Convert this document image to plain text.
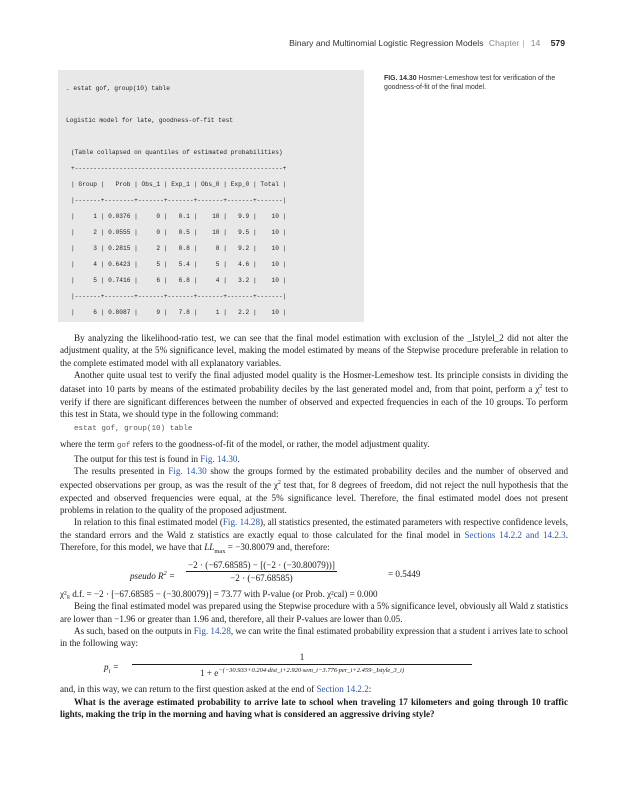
Binary and Multinomial Logistic Regression Models Chapter | 14 579

. estat gof, group(10) table

Logistic model for late, goodness-of-fit test

(Table collapsed on quantiles of estimated probabilities)

+--------------------------------------------------------+

| Group |   Prob | Obs_1 | Exp_1 | Obs_0 | Exp_0 | Total |

|-------+--------+-------+-------+-------+-------+-------|

|     1 | 0.0376 |     0 |   0.1 |    10 |   9.9 |    10 |

|     2 | 0.0555 |     0 |   0.5 |    10 |   9.5 |    10 |

|     3 | 0.2815 |     2 |   0.8 |     8 |   9.2 |    10 |

|     4 | 0.6423 |     5 |   5.4 |     5 |   4.6 |    10 |

|     5 | 0.7416 |     6 |   6.8 |     4 |   3.2 |    10 |

|-------+--------+-------+-------+-------+-------+-------|

|     6 | 0.8087 |     9 |   7.8 |     1 |   2.2 |    10 |

FIG. 14.30 Hosmer-Lemeshow test for verification of the goodness-of-fit of the final model.

By analyzing the likelihood-ratio test, we can see that the final model estimation with exclusion of the _Istylel_2 did not alter the adjustment quality, at the 5% significance level, making the model estimated by means of the Stepwise procedure preferable in relation to the complete estimated model with all explanatory variables.

Another quite usual test to verify the final adjusted model quality is the Hosmer-Lemeshow test. Its principle consists in dividing the dataset into 10 parts by means of the estimated probability deciles by the last generated model and, from that point, perform a $\chi^2$ test to verify if there are significant differences between the number of observed and expected frequencies in each of the 10 groups. To perform this test in Stata, we should type in the following command:

estat gof, group(10) table

where the term gof refers to the goodness-of-fit of the model, or rather, the model adjustment quality.

The output for this test is found in Fig. 14.30.

The results presented in Fig. 14.30 show the groups formed by the estimated probability deciles and the number of observed and expected observations per group, as was the result of the $\chi^2$ test that, for 8 degrees of freedom, did not reject the null hypothesis that the expected and observed frequencies were equal, at the 5% significance level. Therefore, the final estimated model does not present problems in relation to the quality of the proposed adjustment.

In relation to this final estimated model (Fig. 14.28), all statistics presented, the estimated parameters with respective confidence levels, the standard errors and the Wald z statistics are exactly equal to those calculated for the final model in Sections 14.2.2 and 14.2.3. Therefore, for this model, we have that $LL_{max} = -30.80079$ and, therefore:

pseudo $R^2 = \frac{-2 \cdot (-67.68585) - [(-2 \cdot (-30.80079))]}{-2 \cdot (-67.68585)}$	= 0.5449

χ²₈ d.f. = −2 · [−67.68585 − (−30.80079)] = 73.77 with P-value (or Prob. χ²cal) = 0.000

Being the final estimated model was prepared using the Stepwise procedure with a 5% significance level, obviously all Wald z statistics are lower than −1.96 or greater than 1.96 and, therefore, all their P-values are lower than 0.05.

As such, based on the outputs in Fig. 14.28, we can write the final estimated probability expression that a student i arrives late to school in the following way:

$p_i$ =
1
$1 + e^{-(-30.933+0.204\cdot dist\_i+2.920\cdot sem\_i-3.776\cdot per\_i+2.459\cdot\_Istyle\_3\_i)}$

and, in this way, we can return to the first question asked at the end of Section 14.2.2:

What is the average estimated probability to arrive late to school when traveling 17 kilometers and going through 10 traffic lights, making the trip in the morning and having what is considered an aggressive driving style?
